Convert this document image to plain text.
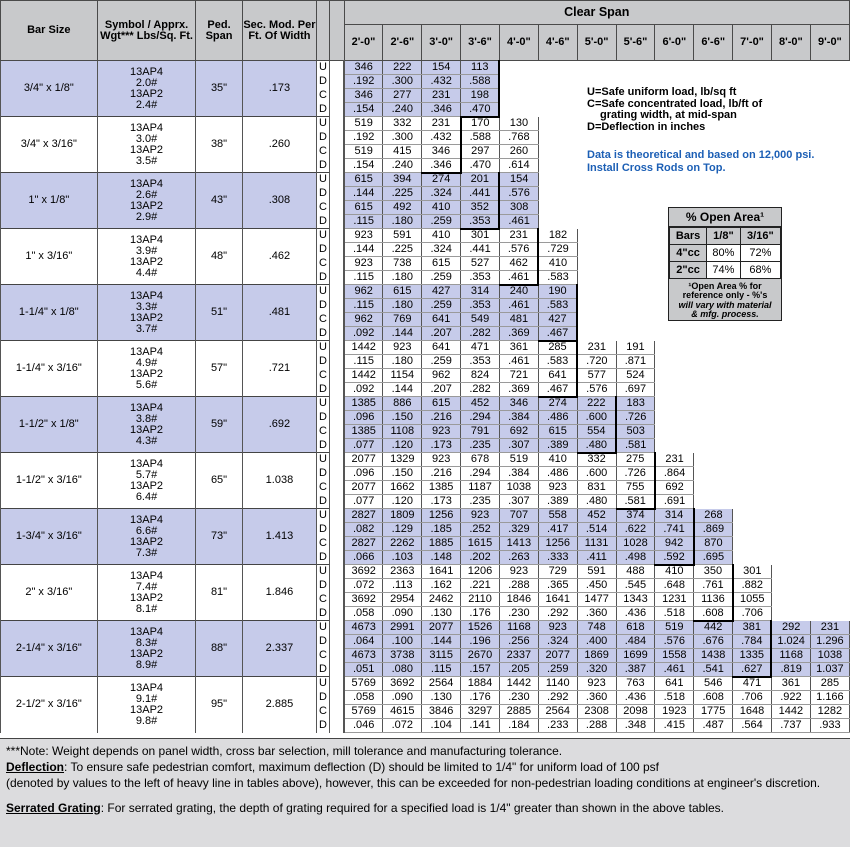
Bar Size	Symbol / Apprx. Wgt*** Lbs/Sq. Ft.	Ped. Span	Sec. Mod. Per Ft. Of Width			Clear Span												
						2'-0"	2'-6"	3'-0"	3'-6"	4'-0"	4'-6"	5'-0"	5'-6"	6'-0"	6'-6"	7'-0"	8'-0"	9'-0"
3/4" x 1/8"	13AP4
2.0#
13AP2
2.4#	35"	.173	U		346	222	154	113									
				D		.192	.300	.432	.588									
				C		346	277	231	198									
				D		.154	.240	.346	.470									
3/4" x 3/16"	13AP4
3.0#
13AP2
3.5#	38"	.260	U		519	332	231	170	130								
				D		.192	.300	.432	.588	.768								
				C		519	415	346	297	260								
				D		.154	.240	.346	.470	.614								
1" x 1/8"	13AP4
2.6#
13AP2
2.9#	43"	.308	U		615	394	274	201	154								
				D		.144	.225	.324	.441	.576								
				C		615	492	410	352	308								
				D		.115	.180	.259	.353	.461								
1" x 3/16"	13AP4
3.9#
13AP2
4.4#	48"	.462	U		923	591	410	301	231	182							
				D		.144	.225	.324	.441	.576	.729							
				C		923	738	615	527	462	410							
				D		.115	.180	.259	.353	.461	.583							
1-1/4" x 1/8"	13AP4
3.3#
13AP2
3.7#	51"	.481	U		962	615	427	314	240	190							
				D		.115	.180	.259	.353	.461	.583							
				C		962	769	641	549	481	427							
				D		.092	.144	.207	.282	.369	.467							
1-1/4" x 3/16"	13AP4
4.9#
13AP2
5.6#	57"	.721	U		1442	923	641	471	361	285	231	191					
				D		.115	.180	.259	.353	.461	.583	.720	.871					
				C		1442	1154	962	824	721	641	577	524					
				D		.092	.144	.207	.282	.369	.467	.576	.697					
1-1/2" x 1/8"	13AP4
3.8#
13AP2
4.3#	59"	.692	U		1385	886	615	452	346	274	222	183					
				D		.096	.150	.216	.294	.384	.486	.600	.726					
				C		1385	1108	923	791	692	615	554	503					
				D		.077	.120	.173	.235	.307	.389	.480	.581					
1-1/2" x 3/16"	13AP4
5.7#
13AP2
6.4#	65"	1.038	U		2077	1329	923	678	519	410	332	275	231				
				D		.096	.150	.216	.294	.384	.486	.600	.726	.864				
				C		2077	1662	1385	1187	1038	923	831	755	692				
				D		.077	.120	.173	.235	.307	.389	.480	.581	.691				
1-3/4" x 3/16"	13AP4
6.6#
13AP2
7.3#	73"	1.413	U		2827	1809	1256	923	707	558	452	374	314	268			
				D		.082	.129	.185	.252	.329	.417	.514	.622	.741	.869			
				C		2827	2262	1885	1615	1413	1256	1131	1028	942	870			
				D		.066	.103	.148	.202	.263	.333	.411	.498	.592	.695			
2" x 3/16"	13AP4
7.4#
13AP2
8.1#	81"	1.846	U		3692	2363	1641	1206	923	729	591	488	410	350	301		
				D		.072	.113	.162	.221	.288	.365	.450	.545	.648	.761	.882		
				C		3692	2954	2462	2110	1846	1641	1477	1343	1231	1136	1055		
				D		.058	.090	.130	.176	.230	.292	.360	.436	.518	.608	.706		
2-1/4" x 3/16"	13AP4
8.3#
13AP2
8.9#	88"	2.337	U		4673	2991	2077	1526	1168	923	748	618	519	442	381	292	231
				D		.064	.100	.144	.196	.256	.324	.400	.484	.576	.676	.784	1.024	1.296
				C		4673	3738	3115	2670	2337	2077	1869	1699	1558	1438	1335	1168	1038
				D		.051	.080	.115	.157	.205	.259	.320	.387	.461	.541	.627	.819	1.037
2-1/2" x 3/16"	13AP4
9.1#
13AP2
9.8#	95"	2.885	U		5769	3692	2564	1884	1442	1140	923	763	641	546	471	361	285
				D		.058	.090	.130	.176	.230	.292	.360	.436	.518	.608	.706	.922	1.166
				C		5769	4615	3846	3297	2885	2564	2308	2098	1923	1775	1648	1442	1282
				D		.046	.072	.104	.141	.184	.233	.288	.348	.415	.487	.564	.737	.933
U=Safe uniform load, lb/sq ft
C=Safe concentrated load, lb/ft of
grating width, at mid-span
D=Deflection in inches
Data is theoretical and based on 12,000 psi.
Install Cross Rods on Top.
% Open Area¹
Bars	1/8"	3/16"
4"cc	80%	72%
2"cc	74%	68%
¹Open Area % for
reference only - %'s
will vary with material
& mfg. process.

***Note: Weight depends on panel width, cross bar selection, mill tolerance and manufacturing tolerance.

Deflection: To ensure safe pedestrian comfort, maximum deflection (D) should be limited to 1/4" for uniform load of 100 psf

(denoted by values to the left of heavy line in tables above), however, this can be exceeded for non-pedestrian loading conditions at engineer's discretion.

Serrated Grating: For serrated grating, the depth of grating required for a specified load is 1/4" greater than shown in the above tables.
